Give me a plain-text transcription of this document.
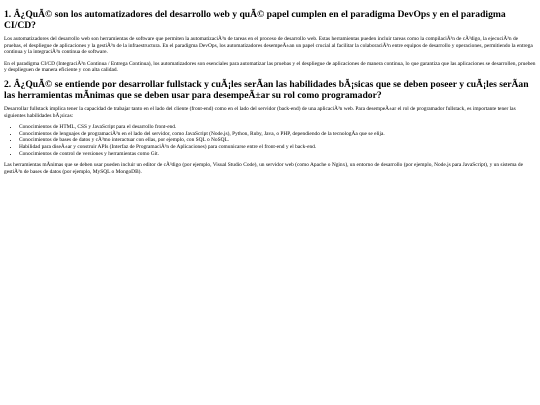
1. Â¿QuÃ© son los automatizadores del desarrollo web y quÃ© papel cumplen en el paradigma DevOps y en el paradigma CI/CD?

Los automatizadores del desarrollo web son herramientas de software que permiten la automatizaciÃ³n de tareas en el proceso de desarrollo web. Estas herramientas pueden incluir tareas como la compilaciÃ³n de cÃ³digo, la ejecuciÃ³n de pruebas, el despliegue de aplicaciones y la gestiÃ³n de la infraestructura. En el paradigma DevOps, los automatizadores desempeÃ±an un papel crucial al facilitar la colaboraciÃ³n entre equipos de desarrollo y operaciones, permitiendo la entrega continua y la integraciÃ³n continua de software.

En el paradigma CI/CD (IntegraciÃ³n Continua / Entrega Continua), los automatizadores son esenciales para automatizar las pruebas y el despliegue de aplicaciones de manera continua, lo que garantiza que las aplicaciones se desarrollen, prueben y desplieguen de manera eficiente y con alta calidad.

2. Â¿QuÃ© se entiende por desarrollar fullstack y cuÃ¡les serÃan las habilidades bÃ¡sicas que se deben poseer y cuÃ¡les serÃan las herramientas mÃnimas que se deben usar para desempeÃ±ar su rol como programador?

Desarrollar fullstack implica tener la capacidad de trabajar tanto en el lado del cliente (front-end) como en el lado del servidor (back-end) de una aplicaciÃ³n web. Para desempeÃ±ar el rol de programador fullstack, es importante tener las siguientes habilidades bÃ¡sicas:

• Conocimientos de HTML, CSS y JavaScript para el desarrollo front-end.
• Conocimientos de lenguajes de programaciÃ³n en el lado del servidor, como JavaScript (Node.js), Python, Ruby, Java, o PHP, dependiendo de la tecnologÃa que se elija.
• Conocimientos de bases de datos y cÃ³mo interactuar con ellas, por ejemplo, con SQL o NoSQL.
• Habilidad para diseÃ±ar y construir APIs (Interfaz de ProgramaciÃ³n de Aplicaciones) para comunicarse entre el front-end y el back-end.
• Conocimientos de control de versiones y herramientas como Git.

Las herramientas mÃnimas que se deben usar pueden incluir un editor de cÃ³digo (por ejemplo, Visual Studio Code), un servidor web (como Apache o Nginx), un entorno de desarrollo (por ejemplo, Node.js para JavaScript), y un sistema de gestiÃ³n de bases de datos (por ejemplo, MySQL o MongoDB).
